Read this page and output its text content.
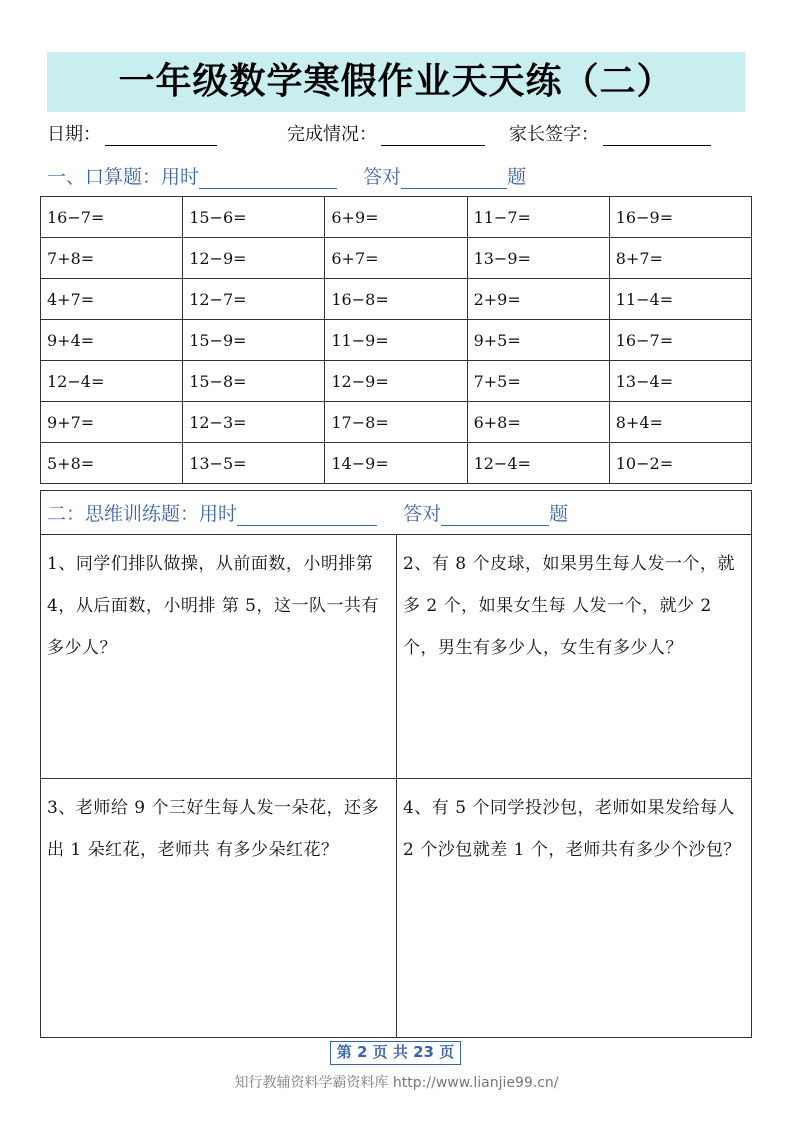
一年级数学寒假作业天天练（二）
日期：	完成情况：	家长签字：
一、口算题：用时	答对	题
16−7=	15−6=	6+9=	11−7=	16−9=
7+8=	12−9=	6+7=	13−9=	8+7=
4+7=	12−7=	16−8=	2+9=	11−4=
9+4=	15−9=	11−9=	9+5=	16−7=
12−4=	15−8=	12−9=	7+5=	13−4=
9+7=	12−3=	17−8=	6+8=	8+4=
5+8=	13−5=	14−9=	12−4=	10−2=
二：思维训练题：用时	答对	题
1、同学们排队做操，从前面数，小明排第 4，从后面数，小明排 第 5，这一队一共有多少人？
2、有 8 个皮球，如果男生每人发一个，就多 2 个，如果女生每 人发一个，就少 2 个，男生有多少人，女生有多少人？
3、老师给 9 个三好生每人发一朵花，还多出 1 朵红花，老师共 有多少朵红花？
4、有 5 个同学投沙包，老师如果发给每人 2 个沙包就差 1 个，老师共有多少个沙包？
第 2 页 共 23 页
知行教辅资料学霸资料库 http://www.lianjie99.cn/
